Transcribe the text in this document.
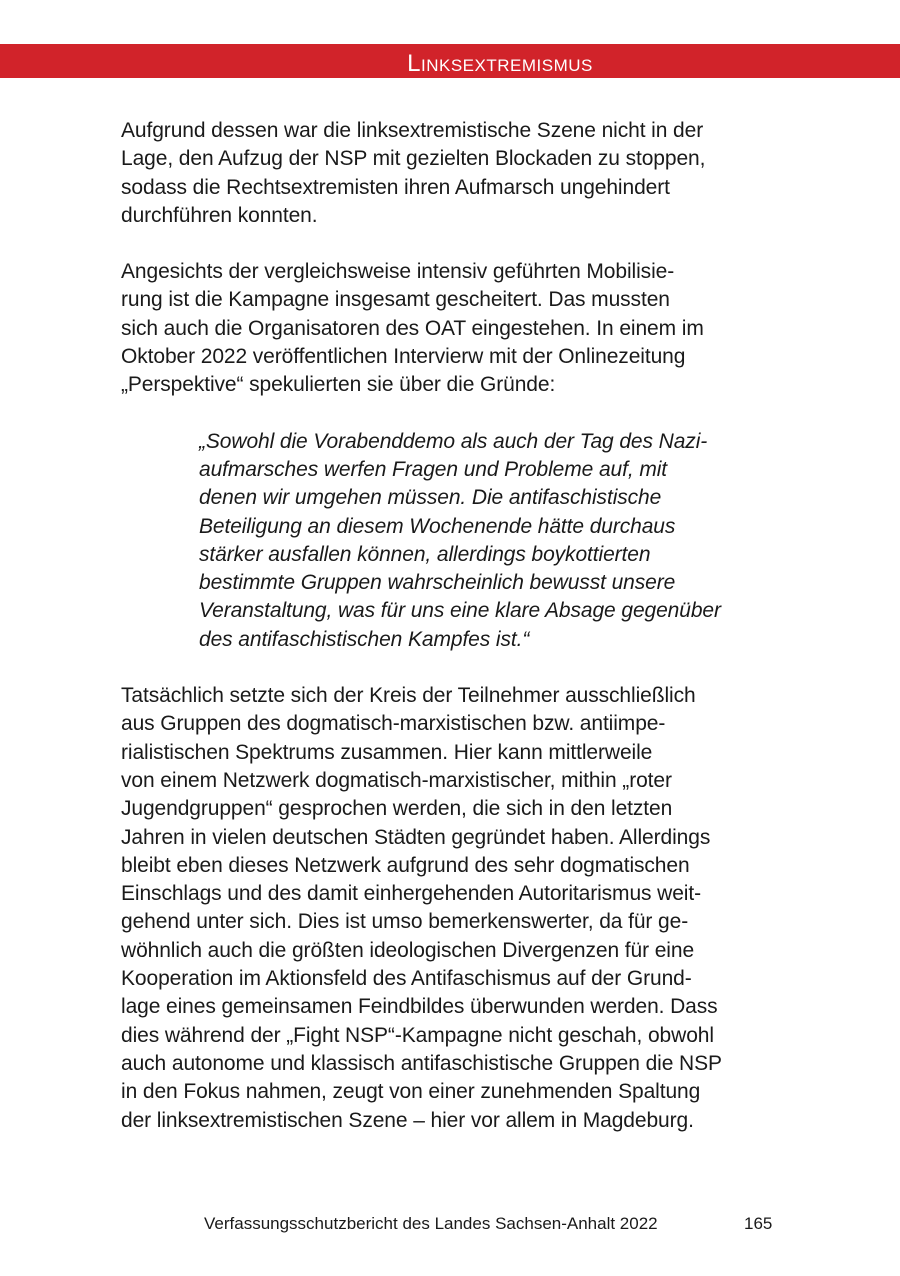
Linksextremismus

Aufgrund dessen war die linksextremistische Szene nicht in der
Lage, den Aufzug der NSP mit gezielten Blockaden zu stoppen,
sodass die Rechtsextremisten ihren Aufmarsch ungehindert
durchführen konnten.

Angesichts der vergleichsweise intensiv geführten Mobilisie-
rung ist die Kampagne insgesamt gescheitert. Das mussten
sich auch die Organisatoren des OAT eingestehen. In einem im
Oktober 2022 veröffentlichen Intervierw mit der Onlinezeitung
„Perspektive“ spekulierten sie über die Gründe:

„Sowohl die Vorabenddemo als auch der Tag des Nazi-
aufmarsches werfen Fragen und Probleme auf, mit
denen wir umgehen müssen. Die antifaschistische
Beteiligung an diesem Wochenende hätte durchaus
stärker ausfallen können, allerdings boykottierten
bestimmte Gruppen wahrscheinlich bewusst unsere
Veranstaltung, was für uns eine klare Absage gegenüber
des antifaschistischen Kampfes ist.“

Tatsächlich setzte sich der Kreis der Teilnehmer ausschließlich
aus Gruppen des dogmatisch-marxistischen bzw. antiimpe-
rialistischen Spektrums zusammen. Hier kann mittlerweile
von einem Netzwerk dogmatisch-marxistischer, mithin „roter
Jugendgruppen“ gesprochen werden, die sich in den letzten
Jahren in vielen deutschen Städten gegründet haben. Allerdings
bleibt eben dieses Netzwerk aufgrund des sehr dogmatischen
Einschlags und des damit einhergehenden Autoritarismus weit-
gehend unter sich. Dies ist umso bemerkenswerter, da für ge-
wöhnlich auch die größten ideologischen Divergenzen für eine
Kooperation im Aktionsfeld des Antifaschismus auf der Grund-
lage eines gemeinsamen Feindbildes überwunden werden. Dass
dies während der „Fight NSP“-Kampagne nicht geschah, obwohl
auch autonome und klassisch antifaschistische Gruppen die NSP
in den Fokus nahmen, zeugt von einer zunehmenden Spaltung
der linksextremistischen Szene – hier vor allem in Magdeburg.

Verfassungsschutzbericht des Landes Sachsen-Anhalt 2022	165
